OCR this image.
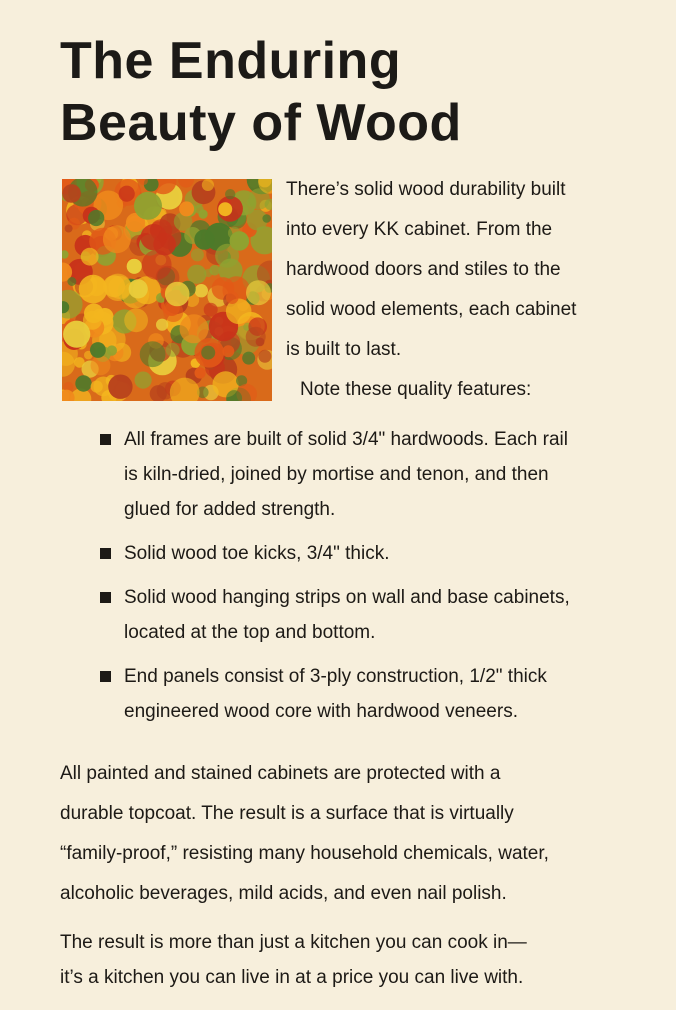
The Enduring
Beauty of Wood

There’s solid wood durability built
into every KK cabinet. From the
hardwood doors and stiles to the
solid wood elements, each cabinet
is built to last.

Note these quality features:

All frames are built of solid 3/4" hardwoods. Each rail
is kiln-dried, joined by mortise and tenon, and then
glued for added strength.
Solid wood toe kicks, 3/4" thick.
Solid wood hanging strips on wall and base cabinets,
located at the top and bottom.
End panels consist of 3-ply construction, 1/2" thick
engineered wood core with hardwood veneers.

All painted and stained cabinets are protected with a
durable topcoat. The result is a surface that is virtually
“family-proof,” resisting many household chemicals, water,
alcoholic beverages, mild acids, and even nail polish.

The result is more than just a kitchen you can cook in—
it’s a kitchen you can live in at a price you can live with.
